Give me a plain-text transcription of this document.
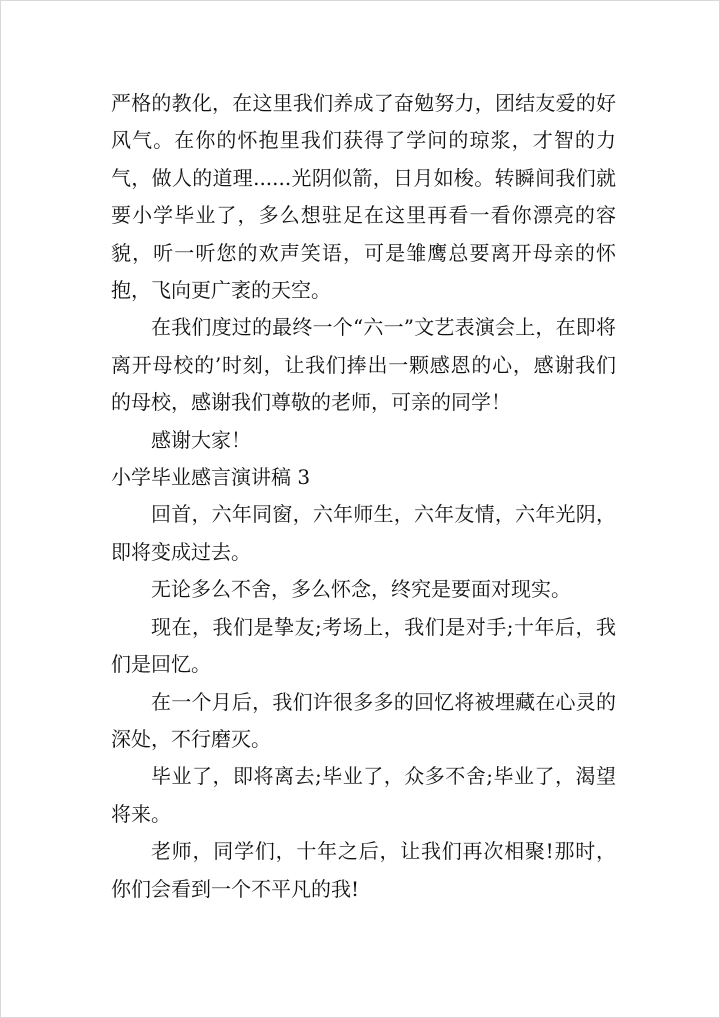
严格的教化，在这里我们养成了奋勉努力，团结友爱的好风气。在你的怀抱里我们获得了学问的琼浆，才智的力气，做人的道理......光阴似箭，日月如梭。转瞬间我们就要小学毕业了，多么想驻足在这里再看一看你漂亮的容貌，听一听您的欢声笑语，可是雏鹰总要离开母亲的怀抱，飞向更广袤的天空。

在我们度过的最终一个“六一”文艺表演会上，在即将离开母校的’时刻，让我们捧出一颗感恩的心，感谢我们的母校，感谢我们尊敬的老师，可亲的同学！

感谢大家！

小学毕业感言演讲稿 3

回首，六年同窗，六年师生，六年友情，六年光阴，即将变成过去。

无论多么不舍，多么怀念，终究是要面对现实。

现在，我们是挚友;考场上，我们是对手;十年后，我们是回忆。

在一个月后，我们许很多多的回忆将被埋藏在心灵的深处，不行磨灭。

毕业了，即将离去;毕业了，众多不舍;毕业了，渴望将来。

老师，同学们，十年之后，让我们再次相聚!那时，你们会看到一个不平凡的我!
